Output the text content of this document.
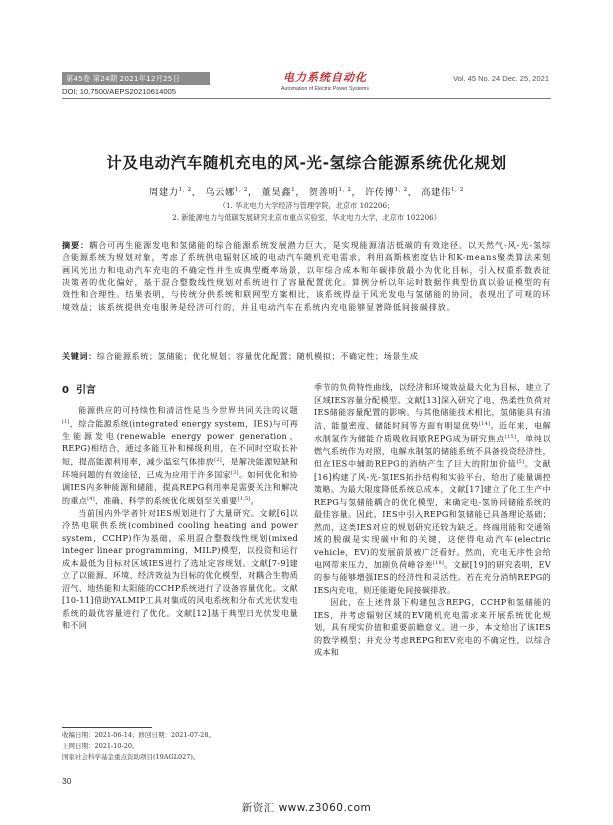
第45卷 第24期 2021年12月25日
DOI: 10.7500/AEPS20210614005
电力系统自动化
Automation of Electric Power Systems
Vol. 45 No. 24 Dec. 25, 2021
计及电动汽车随机充电的风-光-氢综合能源系统优化规划
周建力$^{1, 2}$， 乌云娜$^{1, 2}$， 董昊鑫$^1$， 贺善明$^{1, 2}$， 许传博$^{1, 2}$， 高建伟$^{1, 2}$
（1. 华北电力大学经济与管理学院，北京市 102206；
2. 新能源电力与低碳发展研究北京市重点实验室，华北电力大学，北京市 102206）
摘要：耦合可再生能源发电和氢储能的综合能源系统发展潜力巨大，是实现能源清洁低碳的有效途径。以天然气-风-光-氢综合能源系统为规划对象，考虑了系统供电辐射区域的电动汽车随机充电需求，利用高斯核密度估计和K-means聚类算法来刻画风光出力和电动汽车充电的不确定性并生成典型概率场景，以年综合成本和年碳排放最小为优化目标，引入权重系数表征决策者的优化偏好，基于混合整数线性规划对系统进行了容量配置优化。算例分析以年运时数据作典型仿真以验证模型的有效性和合理性。结果表明，与传统分供系统和联网型方案相比，该系统得益于风光发电与氢储能的协同，表现出了可观的环境效益；该系统提供充电服务是经济可行的，并且电动汽车在系统内充电能够显著降低间接碳排放。
关键词：综合能源系统；氢储能；优化规划；容量优化配置；随机模拟；不确定性；场景生成
0 引言

能源供应的可持续性和清洁性是当今世界共同关注的议题[1]，综合能源系统(integrated energy system，IES)与可再生能源发电(renewable energy power generation，REPG)相结合，通过多能互补和梯级利用，在不同时空取长补短，提高能源利用率，减少温室气体排放[2]，是解决能源短缺和环境问题的有效途径，已成为应用于许多国家[3]。如何优化和协调IES内多种能源和储能，提高REPG利用率是需要关注和解决的重点[4]，准确、科学的系统优化规划至关重要[1,5]。

当前国内外学者针对IES规划进行了大量研究。文献[6]以冷热电联供系统(combined cooling heating and power system，CCHP)作为基础，采用混合整数线性规划(mixed integer linear programming，MILP)模型，以投资和运行成本最低为目标对区域IES进行了选址定容规划。文献[7-9]建立了以能源、环境、经济效益为目标的优化模型，对耦合生物质沼气、地热能和太阳能的CCHP系统进行了设备容量优化。文献[10-11]借助YALMIP工具对集成的风电系统和分布式光伏发电系统的最优容量进行了优化。文献[12]基于典型日光伏发电量和不同

季节的负荷特性曲线，以经济和环境效益最大化为目标，建立了区域IES容量分配模型。文献[13]深入研究了电、热柔性负荷对IES储能容量配置的影响。与其他储能技术相比，氢储能具有清洁、能量密度、储能时间等方面有明显优势[14]。近年来，电解水制氢作为储能介质吸收间歇REPG成为研究焦点[15]。单纯以燃气系统作为对照，电解水制氢的储能系统不具备投资经济性，但在IES中辅助REPG的消纳产生了巨大的附加价值[5]。文献[16]构建了风-光-氢IES拓扑结构和实验平台，给出了能量调控策略。为最大限度降低系统总成本，文献[17]建立了化工生产中REPG与氢储能耦合的优化模型，来确定电-氢协同储能系统的最佳容量。因此，IES中引入REPG和氢储能已具备理论基础；然而，这类IES对应的规划研究还较为缺乏。终端用能和交通领域的脱碳是实现碳中和的关键，这使得电动汽车(electric vehicle，EV)的发展前景被广泛看好。然而，充电无序性会给电网带来压力，加剧负荷峰谷差[18]。文献[19]的研究表明，EV的参与能够增强IES的经济性和灵活性。若在充分消纳REPG的IES内充电，则还能避免间接碳排放。

因此，在上述背景下构建包含REPG，CCHP和氢储能的IES，并考虑辐射区域的EV随机充电需求来开展系统优化规划，具有现实价值和重要前瞻意义。进一步，本文给出了该IES的数学模型；并充分考虑REPG和EV充电的不确定性，以综合成本和

收稿日期：2021-06-14；修回日期：2021-07-28。
上网日期：2021-10-20。
国家社会科学基金重点资助项目(19AGL027)。
30
新资汇 www.z3060.com
